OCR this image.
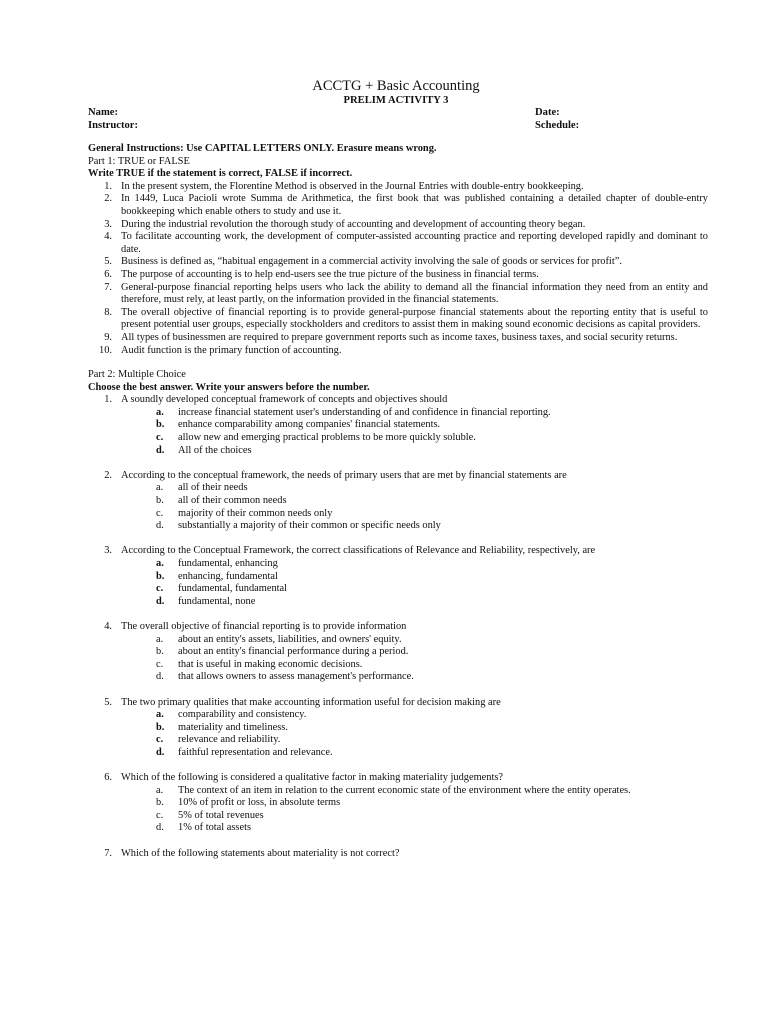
ACCTG + Basic Accounting
PRELIM ACTIVITY 3
Name:	Date:
Instructor:	Schedule:
General Instructions: Use CAPITAL LETTERS ONLY. Erasure means wrong.
Part 1: TRUE or FALSE
Write TRUE if the statement is correct, FALSE if incorrect.
1. In the present system, the Florentine Method is observed in the Journal Entries with double-entry bookkeeping.
2. In 1449, Luca Pacioli wrote Summa de Arithmetica, the first book that was published containing a detailed chapter of double-entry bookkeeping which enable others to study and use it.
3. During the industrial revolution the thorough study of accounting and development of accounting theory began.
4. To facilitate accounting work, the development of computer-assisted accounting practice and reporting developed rapidly and dominant to date.
5. Business is defined as, “habitual engagement in a commercial activity involving the sale of goods or services for profit”.
6. The purpose of accounting is to help end-users see the true picture of the business in financial terms.
7. General-purpose financial reporting helps users who lack the ability to demand all the financial information they need from an entity and therefore, must rely, at least partly, on the information provided in the financial statements.
8. The overall objective of financial reporting is to provide general-purpose financial statements about the reporting entity that is useful to present potential user groups, especially stockholders and creditors to assist them in making sound economic decisions as capital providers.
9. All types of businessmen are required to prepare government reports such as income taxes, business taxes, and social security returns.
10. Audit function is the primary function of accounting.
Part 2: Multiple Choice
Choose the best answer. Write your answers before the number.
1. A soundly developed conceptual framework of concepts and objectives should
a.	increase financial statement user's understanding of and confidence in financial reporting.
b.	enhance comparability among companies' financial statements.
c.	allow new and emerging practical problems to be more quickly soluble.
d.	All of the choices
2. According to the conceptual framework, the needs of primary users that are met by financial statements are
a.	all of their needs
b.	all of their common needs
c.	majority of their common needs only
d.	substantially a majority of their common or specific needs only
3. According to the Conceptual Framework, the correct classifications of Relevance and Reliability, respectively, are
a.	fundamental, enhancing
b.	enhancing, fundamental
c.	fundamental, fundamental
d.	fundamental, none
4. The overall objective of financial reporting is to provide information
a.	about an entity's assets, liabilities, and owners' equity.
b.	about an entity's financial performance during a period.
c.	that is useful in making economic decisions.
d.	that allows owners to assess management's performance.
5. The two primary qualities that make accounting information useful for decision making are
a.	comparability and consistency.
b.	materiality and timeliness.
c.	relevance and reliability.
d.	faithful representation and relevance.
6. Which of the following is considered a qualitative factor in making materiality judgements?
a.	The context of an item in relation to the current economic state of the environment where the entity operates.
b.	10% of profit or loss, in absolute terms
c.	5% of total revenues
d.	1% of total assets
7. Which of the following statements about materiality is not correct?
